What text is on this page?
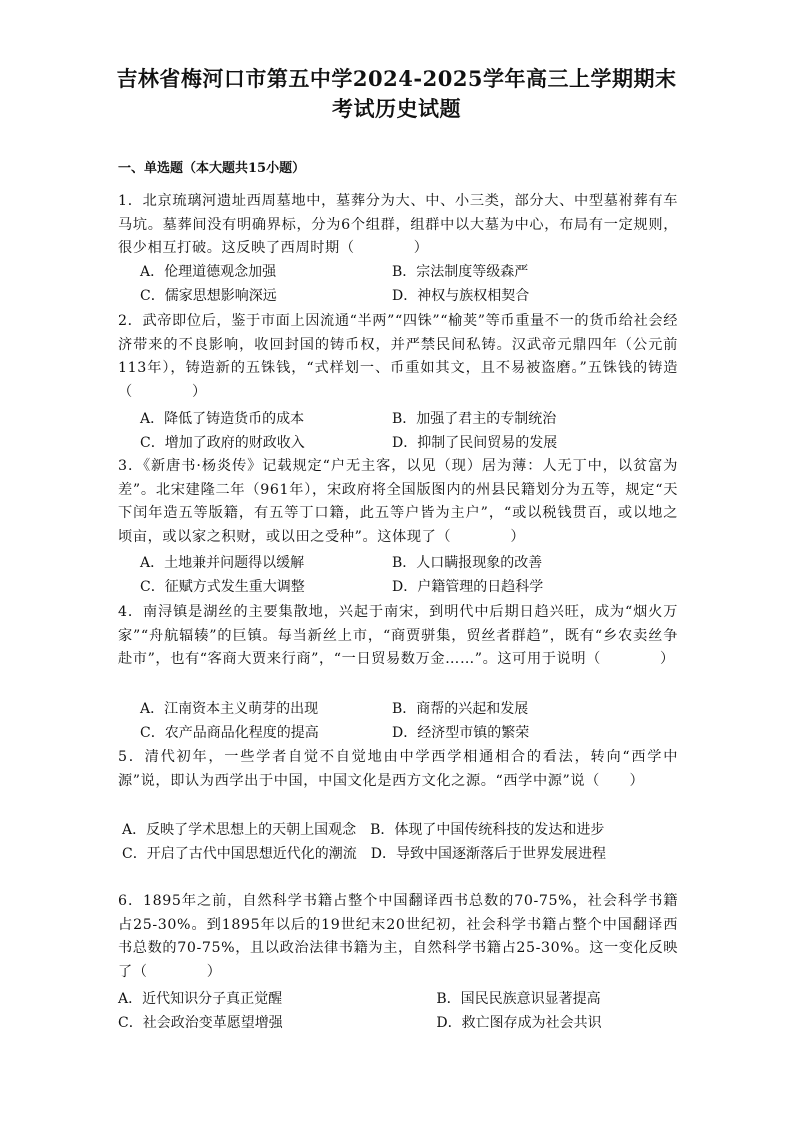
吉林省梅河口市第五中学2024-2025学年高三上学期期末
考试历史试题
一、单选题（本大题共15小题）
1．北京琉璃河遗址西周墓地中，墓葬分为大、中、小三类，部分大、中型墓祔葬有车马坑。墓葬间没有明确界标，分为6个组群，组群中以大墓为中心，布局有一定规则，很少相互打破。这反映了西周时期（　　　　）
A．伦理道德观念加强	B．宗法制度等级森严
C．儒家思想影响深远	D．神权与族权相契合
2．武帝即位后，鉴于市面上因流通“半两”“四铢”“榆荚”等币重量不一的货币给社会经济带来的不良影响，收回封国的铸币权，并严禁民间私铸。汉武帝元鼎四年（公元前113年），铸造新的五铢钱，“式样划一、币重如其文，且不易被盗磨。”五铢钱的铸造（　　　　）
A．降低了铸造货币的成本	B．加强了君主的专制统治
C．增加了政府的财政收入	D．抑制了民间贸易的发展
3．《新唐书·杨炎传》记载规定“户无主客，以见（现）居为薄：人无丁中，以贫富为差”。北宋建隆二年（961年），宋政府将全国版图内的州县民籍划分为五等，规定“天下闰年造五等版籍，有五等丁口籍，此五等户皆为主户”，“或以税钱贯百，或以地之顷亩，或以家之积财，或以田之受种”。这体现了（　　　　）
A．土地兼并问题得以缓解	B．人口瞒报现象的改善
C．征赋方式发生重大调整	D．户籍管理的日趋科学
4．南浔镇是湖丝的主要集散地，兴起于南宋，到明代中后期日趋兴旺，成为“烟火万家”“舟航辐辏”的巨镇。每当新丝上市，“商贾骈集，贸丝者群趋”，既有“乡农卖丝争赴市”，也有“客商大贾来行商”，“一日贸易数万金……”。这可用于说明（　　　　）
A．江南资本主义萌芽的出现	B．商帮的兴起和发展
C．农产品商品化程度的提高	D．经济型市镇的繁荣
5．清代初年，一些学者自觉不自觉地由中学西学相通相合的看法，转向“西学中源”说，即认为西学出于中国，中国文化是西方文化之源。“西学中源”说（　　）
A．反映了学术思想上的天朝上国观念 B．体现了中国传统科技的发达和进步
C．开启了古代中国思想近代化的潮流 D．导致中国逐渐落后于世界发展进程
6．1895年之前，自然科学书籍占整个中国翻译西书总数的70-75%，社会科学书籍占25-30%。到1895年以后的19世纪末20世纪初，社会科学书籍占整个中国翻译西书总数的70-75%，且以政治法律书籍为主，自然科学书籍占25-30%。这一变化反映了（　　　　）
A．近代知识分子真正觉醒	B．国民民族意识显著提高
C．社会政治变革愿望增强	D．救亡图存成为社会共识
